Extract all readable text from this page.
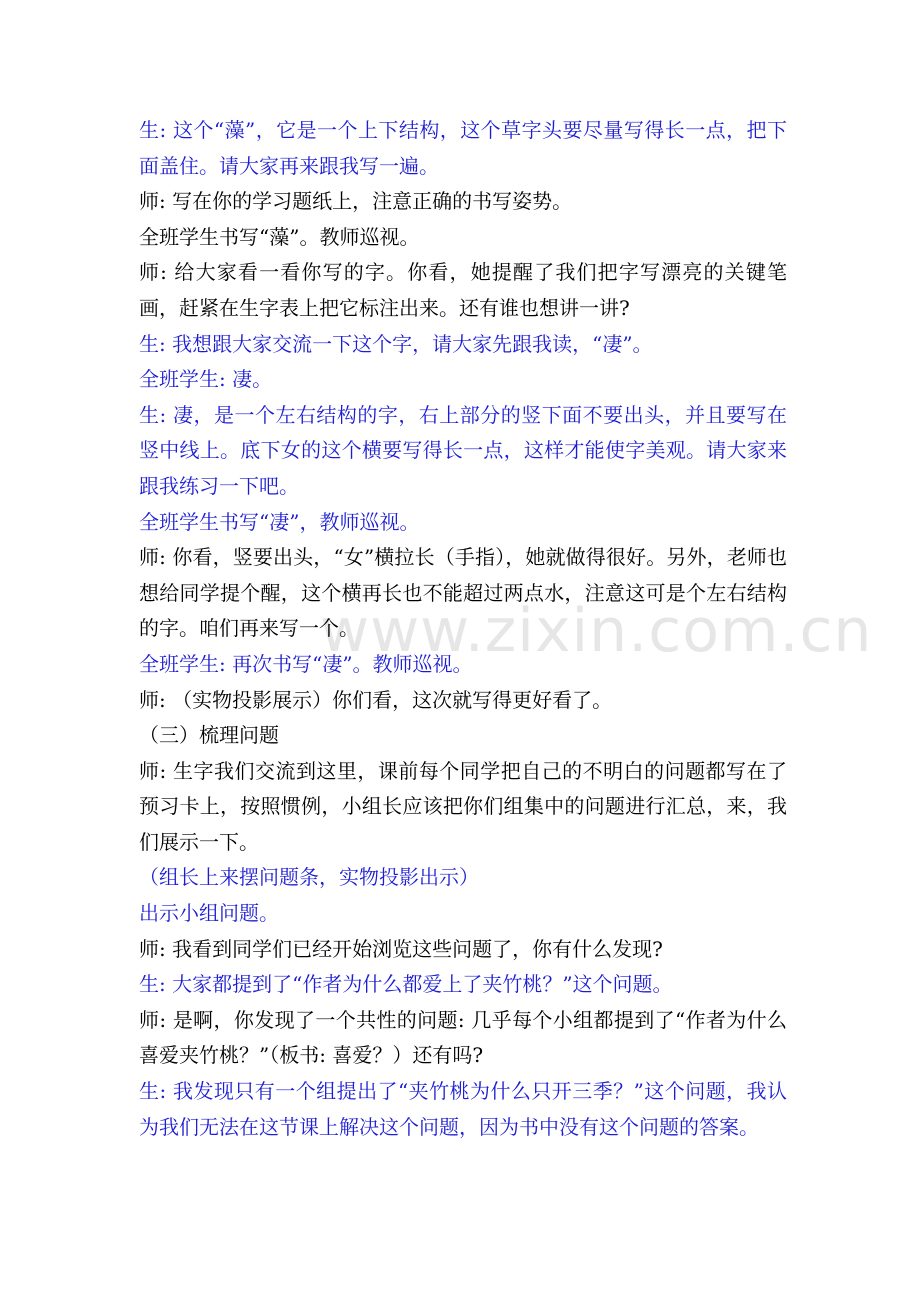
www.zixin.com.cn

生: 这个“藻”，它是一个上下结构，这个草字头要尽量写得长一点，把下面盖住。请大家再来跟我写一遍。

师: 写在你的学习题纸上，注意正确的书写姿势。

全班学生书写“藻”。教师巡视。

师: 给大家看一看你写的字。你看，她提醒了我们把字写漂亮的关键笔画，赶紧在生字表上把它标注出来。还有谁也想讲一讲?

生: 我想跟大家交流一下这个字，请大家先跟我读，“凄”。

全班学生: 凄。

生: 凄，是一个左右结构的字，右上部分的竖下面不要出头，并且要写在竖中线上。底下女的这个横要写得长一点，这样才能使字美观。请大家来跟我练习一下吧。

全班学生书写“凄”，教师巡视。

师: 你看，竖要出头，“女”横拉长（手指），她就做得很好。另外，老师也想给同学提个醒，这个横再长也不能超过两点水，注意这可是个左右结构的字。咱们再来写一个。

全班学生: 再次书写“凄”。教师巡视。

师: （实物投影展示）你们看，这次就写得更好看了。

（三）梳理问题

师: 生字我们交流到这里，课前每个同学把自己的不明白的问题都写在了预习卡上，按照惯例，小组长应该把你们组集中的问题进行汇总，来，我们展示一下。

（组长上来摆问题条，实物投影出示）

出示小组问题。

师: 我看到同学们已经开始浏览这些问题了，你有什么发现?

生: 大家都提到了“作者为什么都爱上了夹竹桃？”这个问题。

师: 是啊，你发现了一个共性的问题: 几乎每个小组都提到了“作者为什么喜爱夹竹桃？”（板书: 喜爱？）还有吗?

生: 我发现只有一个组提出了“夹竹桃为什么只开三季？”这个问题，我认为我们无法在这节课上解决这个问题，因为书中没有这个问题的答案。
